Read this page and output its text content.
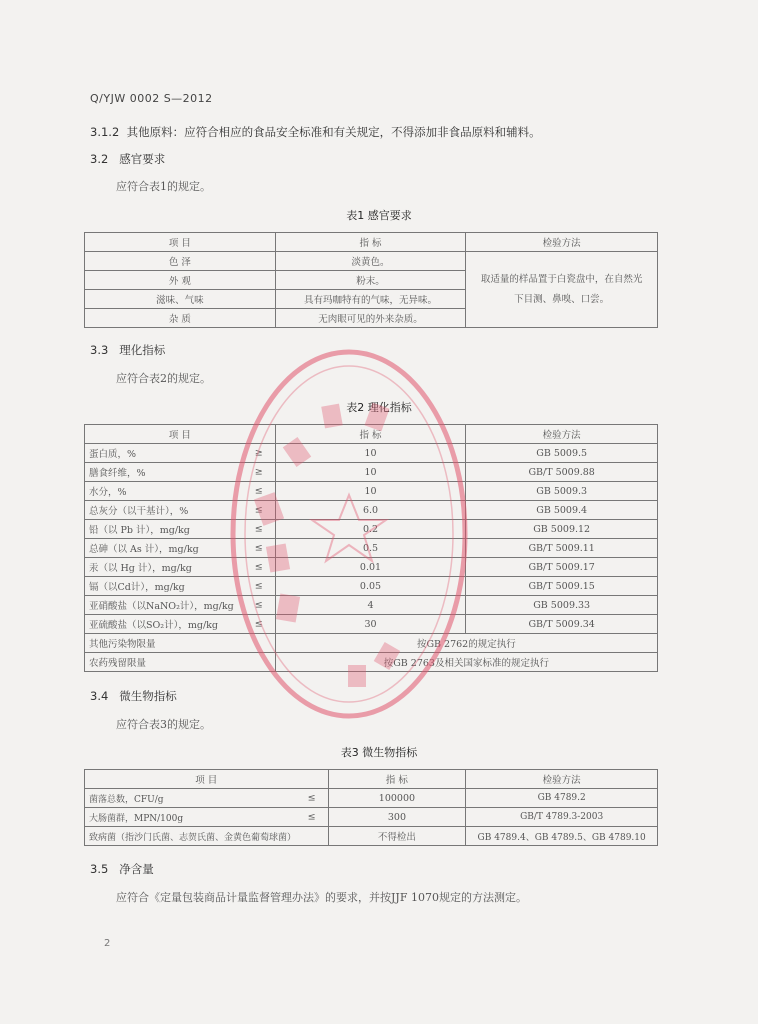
Q/YJW 0002 S—2012
3.1.2 其他原料：应符合相应的食品安全标准和有关规定，不得添加非食品原料和辅料。
3.2 感官要求
应符合表1的规定。
表1 感官要求
项 目	指 标	检验方法
色 泽	淡黄色。	取适量的样品置于白瓷盘中，在自然光
下目测、鼻嗅、口尝。

外 观	粉末。	
滋味、气味	具有玛咖特有的气味，无异味。	
杂 质	无肉眼可见的外来杂质。	
3.3 理化指标
应符合表2的规定。
表2 理化指标
项 目	指 标	检验方法
蛋白质，% ≥	10	GB 5009.5
膳食纤维，% ≥	10	GB/T 5009.88
水分，% ≤	10	GB 5009.3
总灰分（以干基计），% ≤	6.0	GB 5009.4
铅（以 Pb 计），mg/kg ≤	0.2	GB 5009.12
总砷（以 As 计），mg/kg ≤	0.5	GB/T 5009.11
汞（以 Hg 计），mg/kg ≤	0.01	GB/T 5009.17
镉（以Cd计），mg/kg ≤	0.05	GB/T 5009.15
亚硝酸盐（以NaNO₂计），mg/kg ≤	4	GB 5009.33
亚硫酸盐（以SO₂计），mg/kg ≤	30	GB/T 5009.34
其他污染物限量	按GB 2762的规定执行	
农药残留限量	按GB 2763及相关国家标准的规定执行	
3.4 微生物指标
应符合表3的规定。
表3 微生物指标
项 目	指 标	检验方法
菌落总数，CFU/g ≤	100000	GB 4789.2
大肠菌群，MPN/100g ≤	300	GB/T 4789.3-2003
致病菌（指沙门氏菌、志贺氏菌、金黄色葡萄球菌）	不得检出	GB 4789.4、GB 4789.5、GB 4789.10
3.5 净含量
应符合《定量包装商品计量监督管理办法》的要求，并按JJF 1070规定的方法测定。
2
